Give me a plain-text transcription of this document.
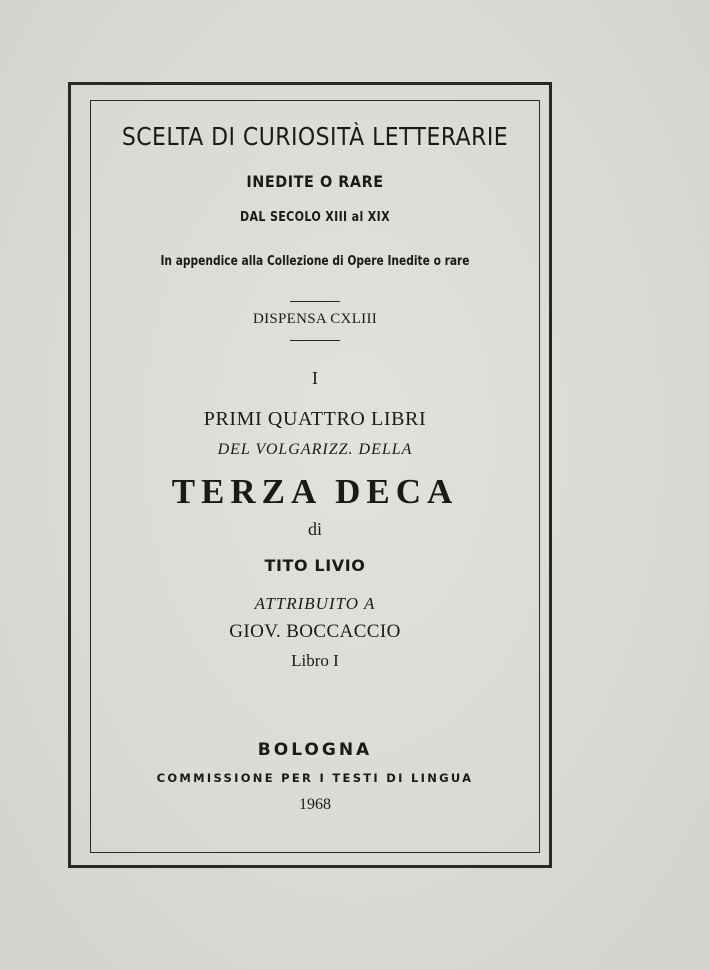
SCELTA DI CURIOSITÀ LETTERARIE
INEDITE O RARE
DAL SECOLO XIII al XIX
In appendice alla Collezione di Opere Inedite o rare
DISPENSA CXLIII
I
PRIMI QUATTRO LIBRI
DEL VOLGARIZZ. DELLA
TERZA DECA
di
TITO LIVIO
ATTRIBUITO A
GIOV. BOCCACCIO
Libro I
BOLOGNA
COMMISSIONE PER I TESTI DI LINGUA
1968
